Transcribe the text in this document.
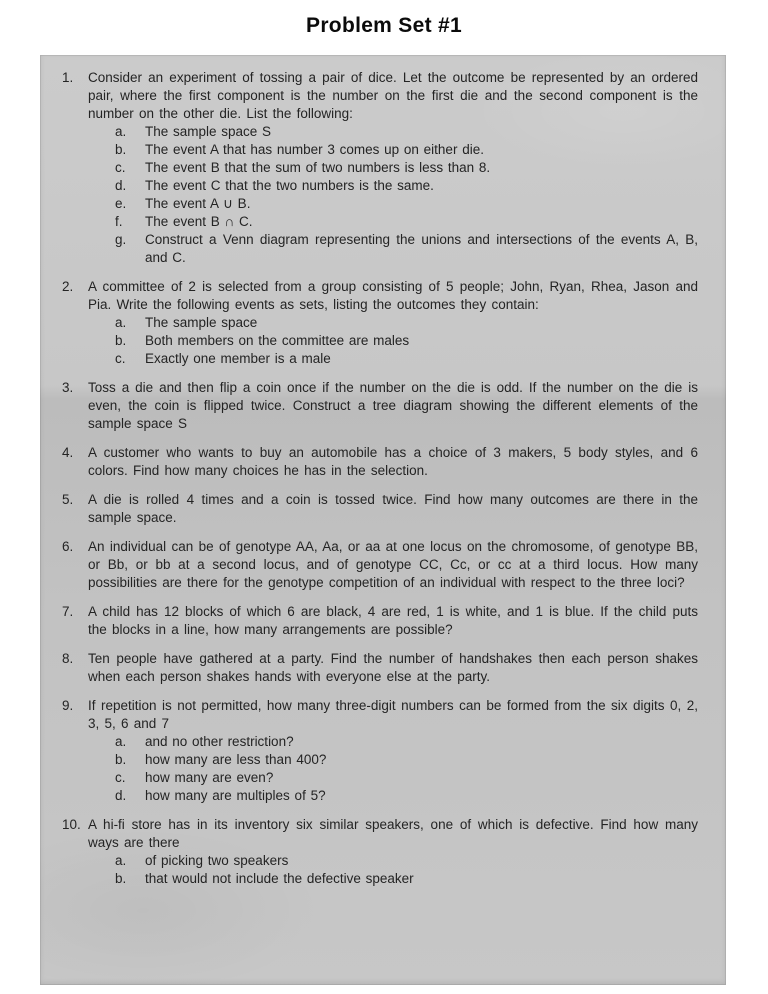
Problem Set #1
1.	Consider an experiment of tossing a pair of dice. Let the outcome be represented by an ordered pair, where the first component is the number on the first die and the second component is the number on the other die. List the following:
a.	The sample space S
b.	The event A that has number 3 comes up on either die.
c.	The event B that the sum of two numbers is less than 8.
d.	The event C that the two numbers is the same.
e.	The event A ∪ B.
f.	The event B ∩ C.
g.	Construct a Venn diagram representing the unions and intersections of the events A, B, and C.
2.	A committee of 2 is selected from a group consisting of 5 people; John, Ryan, Rhea, Jason and Pia. Write the following events as sets, listing the outcomes they contain:
a.	The sample space
b.	Both members on the committee are males
c.	Exactly one member is a male
3.	Toss a die and then flip a coin once if the number on the die is odd. If the number on the die is even, the coin is flipped twice. Construct a tree diagram showing the different elements of the sample space S
4.	A customer who wants to buy an automobile has a choice of 3 makers, 5 body styles, and 6 colors. Find how many choices he has in the selection.
5.	A die is rolled 4 times and a coin is tossed twice. Find how many outcomes are there in the sample space.
6.	An individual can be of genotype AA, Aa, or aa at one locus on the chromosome, of genotype BB, or Bb, or bb at a second locus, and of genotype CC, Cc, or cc at a third locus. How many possibilities are there for the genotype competition of an individual with respect to the three loci?
7.	A child has 12 blocks of which 6 are black, 4 are red, 1 is white, and 1 is blue. If the child puts the blocks in a line, how many arrangements are possible?
8.	Ten people have gathered at a party. Find the number of handshakes then each person shakes when each person shakes hands with everyone else at the party.
9.	If repetition is not permitted, how many three-digit numbers can be formed from the six digits 0, 2, 3, 5, 6 and 7
a.	and no other restriction?
b.	how many are less than 400?
c.	how many are even?
d.	how many are multiples of 5?
10. A hi-fi store has in its inventory six similar speakers, one of which is defective. Find how many ways are there
a.	of picking two speakers
b.	that would not include the defective speaker
